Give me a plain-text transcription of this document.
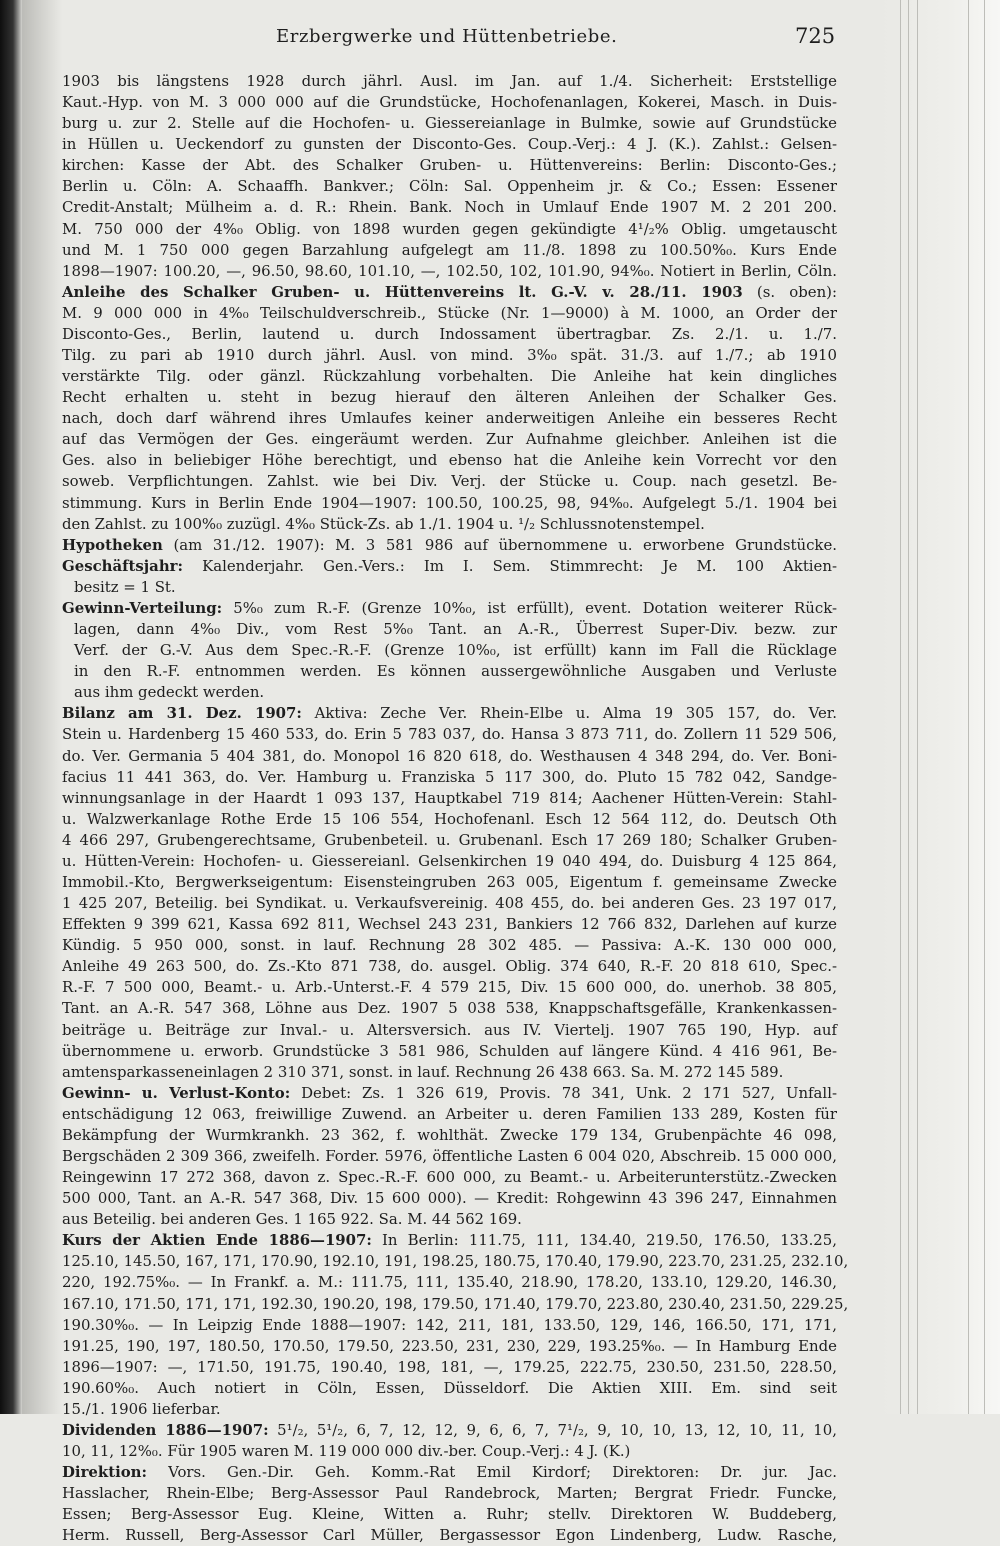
Erzbergwerke und Hüttenbetriebe.	725
1903 bis längstens 1928 durch jährl. Ausl. im Jan. auf 1./4. Sicherheit: Erststellige
Kaut.-Hyp. von M. 3 000 000 auf die Grundstücke, Hochofenanlagen, Kokerei, Masch. in Duis-
burg u. zur 2. Stelle auf die Hochofen- u. Giessereianlage in Bulmke, sowie auf Grundstücke
in Hüllen u. Ueckendorf zu gunsten der Disconto-Ges. Coup.-Verj.: 4 J. (K.). Zahlst.: Gelsen-
kirchen: Kasse der Abt. des Schalker Gruben- u. Hüttenvereins: Berlin: Disconto-Ges.;
Berlin u. Cöln: A. Schaaffh. Bankver.; Cöln: Sal. Oppenheim jr. & Co.; Essen: Essener
Credit-Anstalt; Mülheim a. d. R.: Rhein. Bank. Noch in Umlauf Ende 1907 M. 2 201 200.
M. 750 000 der 4%₀ Oblig. von 1898 wurden gegen gekündigte 4¹/₂% Oblig. umgetauscht
und M. 1 750 000 gegen Barzahlung aufgelegt am 11./8. 1898 zu 100.50%₀. Kurs Ende
1898—1907: 100.20, —, 96.50, 98.60, 101.10, —, 102.50, 102, 101.90, 94%₀. Notiert in Berlin, Cöln.
Anleihe des Schalker Gruben- u. Hüttenvereins lt. G.-V. v. 28./11. 1903 (s. oben):
M. 9 000 000 in 4%₀ Teilschuldverschreib., Stücke (Nr. 1—9000) à M. 1000, an Order der
Disconto-Ges., Berlin, lautend u. durch Indossament übertragbar. Zs. 2./1. u. 1./7.
Tilg. zu pari ab 1910 durch jährl. Ausl. von mind. 3%₀ spät. 31./3. auf 1./7.; ab 1910
verstärkte Tilg. oder gänzl. Rückzahlung vorbehalten. Die Anleihe hat kein dingliches
Recht erhalten u. steht in bezug hierauf den älteren Anleihen der Schalker Ges.
nach, doch darf während ihres Umlaufes keiner anderweitigen Anleihe ein besseres Recht
auf das Vermögen der Ges. eingeräumt werden. Zur Aufnahme gleichber. Anleihen ist die
Ges. also in beliebiger Höhe berechtigt, und ebenso hat die Anleihe kein Vorrecht vor den
soweb. Verpflichtungen. Zahlst. wie bei Div. Verj. der Stücke u. Coup. nach gesetzl. Be-
stimmung. Kurs in Berlin Ende 1904—1907: 100.50, 100.25, 98, 94%₀. Aufgelegt 5./1. 1904 bei
den Zahlst. zu 100%₀ zuzügl. 4%₀ Stück-Zs. ab 1./1. 1904 u. ¹/₂ Schlussnotenstempel.
Hypotheken (am 31./12. 1907): M. 3 581 986 auf übernommene u. erworbene Grundstücke.
Geschäftsjahr: Kalenderjahr. Gen.-Vers.: Im I. Sem. Stimmrecht: Je M. 100 Aktien-
besitz = 1 St.
Gewinn-Verteilung: 5%₀ zum R.-F. (Grenze 10%₀, ist erfüllt), event. Dotation weiterer Rück-
lagen, dann 4%₀ Div., vom Rest 5%₀ Tant. an A.-R., Überrest Super-Div. bezw. zur
Verf. der G.-V. Aus dem Spec.-R.-F. (Grenze 10%₀, ist erfüllt) kann im Fall die Rücklage
in den R.-F. entnommen werden. Es können aussergewöhnliche Ausgaben und Verluste
aus ihm gedeckt werden.
Bilanz am 31. Dez. 1907: Aktiva: Zeche Ver. Rhein-Elbe u. Alma 19 305 157, do. Ver.
Stein u. Hardenberg 15 460 533, do. Erin 5 783 037, do. Hansa 3 873 711, do. Zollern 11 529 506,
do. Ver. Germania 5 404 381, do. Monopol 16 820 618, do. Westhausen 4 348 294, do. Ver. Boni-
facius 11 441 363, do. Ver. Hamburg u. Franziska 5 117 300, do. Pluto 15 782 042, Sandge-
winnungsanlage in der Haardt 1 093 137, Hauptkabel 719 814; Aachener Hütten-Verein: Stahl-
u. Walzwerkanlage Rothe Erde 15 106 554, Hochofenanl. Esch 12 564 112, do. Deutsch Oth
4 466 297, Grubengerechtsame, Grubenbeteil. u. Grubenanl. Esch 17 269 180; Schalker Gruben-
u. Hütten-Verein: Hochofen- u. Giessereianl. Gelsenkirchen 19 040 494, do. Duisburg 4 125 864,
Immobil.-Kto, Bergwerkseigentum: Eisensteingruben 263 005, Eigentum f. gemeinsame Zwecke
1 425 207, Beteilig. bei Syndikat. u. Verkaufsvereinig. 408 455, do. bei anderen Ges. 23 197 017,
Effekten 9 399 621, Kassa 692 811, Wechsel 243 231, Bankiers 12 766 832, Darlehen auf kurze
Kündig. 5 950 000, sonst. in lauf. Rechnung 28 302 485. — Passiva: A.-K. 130 000 000,
Anleihe 49 263 500, do. Zs.-Kto 871 738, do. ausgel. Oblig. 374 640, R.-F. 20 818 610, Spec.-
R.-F. 7 500 000, Beamt.- u. Arb.-Unterst.-F. 4 579 215, Div. 15 600 000, do. unerhob. 38 805,
Tant. an A.-R. 547 368, Löhne aus Dez. 1907 5 038 538, Knappschaftsgefälle, Krankenkassen-
beiträge u. Beiträge zur Inval.- u. Altersversich. aus IV. Viertelj. 1907 765 190, Hyp. auf
übernommene u. erworb. Grundstücke 3 581 986, Schulden auf längere Künd. 4 416 961, Be-
amtensparkasseneinlagen 2 310 371, sonst. in lauf. Rechnung 26 438 663. Sa. M. 272 145 589.
Gewinn- u. Verlust-Konto: Debet: Zs. 1 326 619, Provis. 78 341, Unk. 2 171 527, Unfall-
entschädigung 12 063, freiwillige Zuwend. an Arbeiter u. deren Familien 133 289, Kosten für
Bekämpfung der Wurmkrankh. 23 362, f. wohlthät. Zwecke 179 134, Grubenpächte 46 098,
Bergschäden 2 309 366, zweifelh. Forder. 5976, öffentliche Lasten 6 004 020, Abschreib. 15 000 000,
Reingewinn 17 272 368, davon z. Spec.-R.-F. 600 000, zu Beamt.- u. Arbeiterunterstütz.-Zwecken
500 000, Tant. an A.-R. 547 368, Div. 15 600 000). — Kredit: Rohgewinn 43 396 247, Einnahmen
aus Beteilig. bei anderen Ges. 1 165 922. Sa. M. 44 562 169.
Kurs der Aktien Ende 1886—1907: In Berlin: 111.75, 111, 134.40, 219.50, 176.50, 133.25,
125.10, 145.50, 167, 171, 170.90, 192.10, 191, 198.25, 180.75, 170.40, 179.90, 223.70, 231.25, 232.10,
220, 192.75%₀. — In Frankf. a. M.: 111.75, 111, 135.40, 218.90, 178.20, 133.10, 129.20, 146.30,
167.10, 171.50, 171, 171, 192.30, 190.20, 198, 179.50, 171.40, 179.70, 223.80, 230.40, 231.50, 229.25,
190.30%₀. — In Leipzig Ende 1888—1907: 142, 211, 181, 133.50, 129, 146, 166.50, 171, 171,
191.25, 190, 197, 180.50, 170.50, 179.50, 223.50, 231, 230, 229, 193.25%₀. — In Hamburg Ende
1896—1907: —, 171.50, 191.75, 190.40, 198, 181, —, 179.25, 222.75, 230.50, 231.50, 228.50,
190.60%₀. Auch notiert in Cöln, Essen, Düsseldorf. Die Aktien XIII. Em. sind seit
15./1. 1906 lieferbar.
Dividenden 1886—1907: 5¹/₂, 5¹/₂, 6, 7, 12, 12, 9, 6, 6, 7, 7¹/₂, 9, 10, 10, 13, 12, 10, 11, 10,
10, 11, 12%₀. Für 1905 waren M. 119 000 000 div.-ber. Coup.-Verj.: 4 J. (K.)
Direktion: Vors. Gen.-Dir. Geh. Komm.-Rat Emil Kirdorf; Direktoren: Dr. jur. Jac.
Hasslacher, Rhein-Elbe; Berg-Assessor Paul Randebrock, Marten; Bergrat Friedr. Funcke,
Essen; Berg-Assessor Eug. Kleine, Witten a. Ruhr; stellv. Direktoren W. Buddeberg,
Herm. Russell, Berg-Assessor Carl Müller, Bergassessor Egon Lindenberg, Ludw. Rasche,
